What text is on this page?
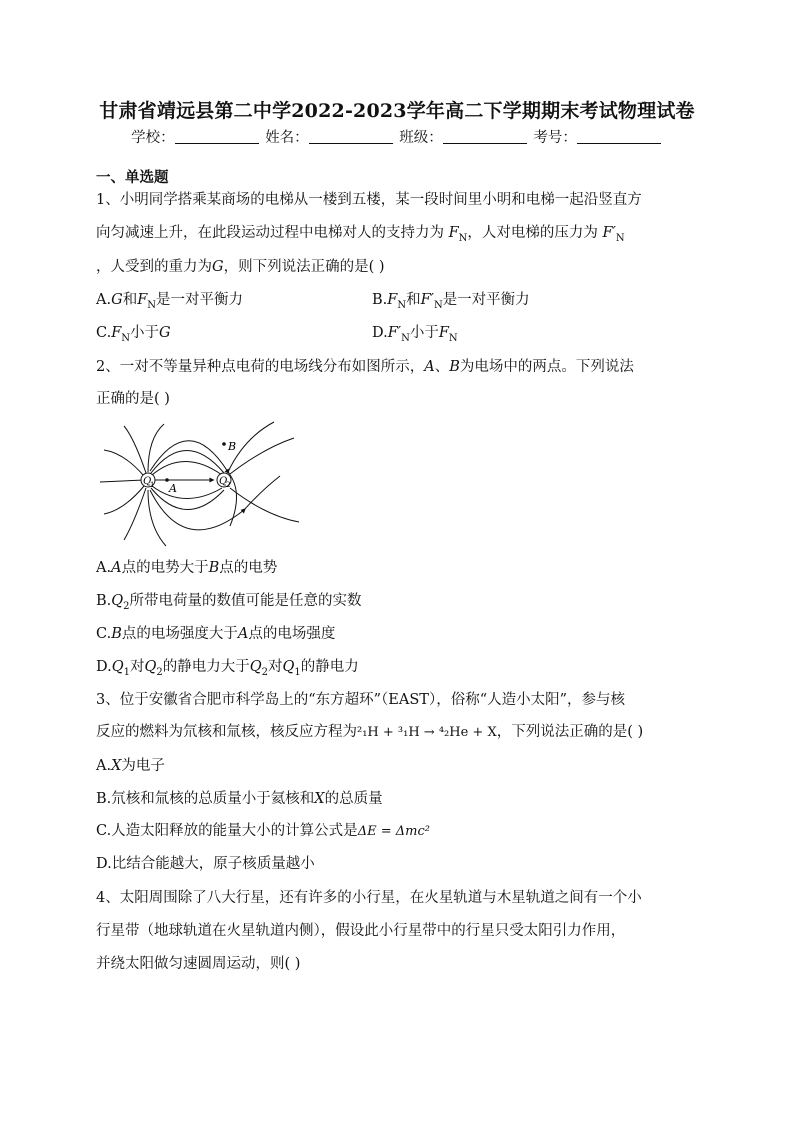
甘肃省靖远县第二中学2022-2023学年高二下学期期末考试物理试卷
学校：	姓名：	班级：	考号：
一、单选题
1、小明同学搭乘某商场的电梯从一楼到五楼，某一段时间里小明和电梯一起沿竖直方
向匀减速上升，在此段运动过程中电梯对人的支持力为 $F_N$，人对电梯的压力为 $F'_N$
，人受到的重力为G，则下列说法正确的是( )
A.G和$F_N$是一对平衡力	$B.F_N$和$F'_N$是一对平衡力
$C.F_N$小于G	$D.F'_N$小于$F_N$
2、一对不等量异种点电荷的电场线分布如图所示，A、B为电场中的两点。下列说法
正确的是( )
Q
1	Q
2
A
B
A.A点的电势大于B点的电势
$B.Q_2$所带电荷量的数值可能是任意的实数
C.B点的电场强度大于A点的电场强度
$D.Q_1$对$Q_2$的静电力大于$Q_2$对$Q_1$的静电力
3、位于安徽省合肥市科学岛上的“东方超环”（EAST），俗称“人造小太阳”，参与核
反应的燃料为氘核和氚核，核反应方程为²₁H + ³₁H → ⁴₂He + X，下列说法正确的是( )
A.X为电子
B.氘核和氚核的总质量小于氦核和X的总质量
C.人造太阳释放的能量大小的计算公式是ΔE = Δmc²
D.比结合能越大，原子核质量越小
4、太阳周围除了八大行星，还有许多的小行星，在火星轨道与木星轨道之间有一个小
行星带（地球轨道在火星轨道内侧），假设此小行星带中的行星只受太阳引力作用，
并绕太阳做匀速圆周运动，则( )
